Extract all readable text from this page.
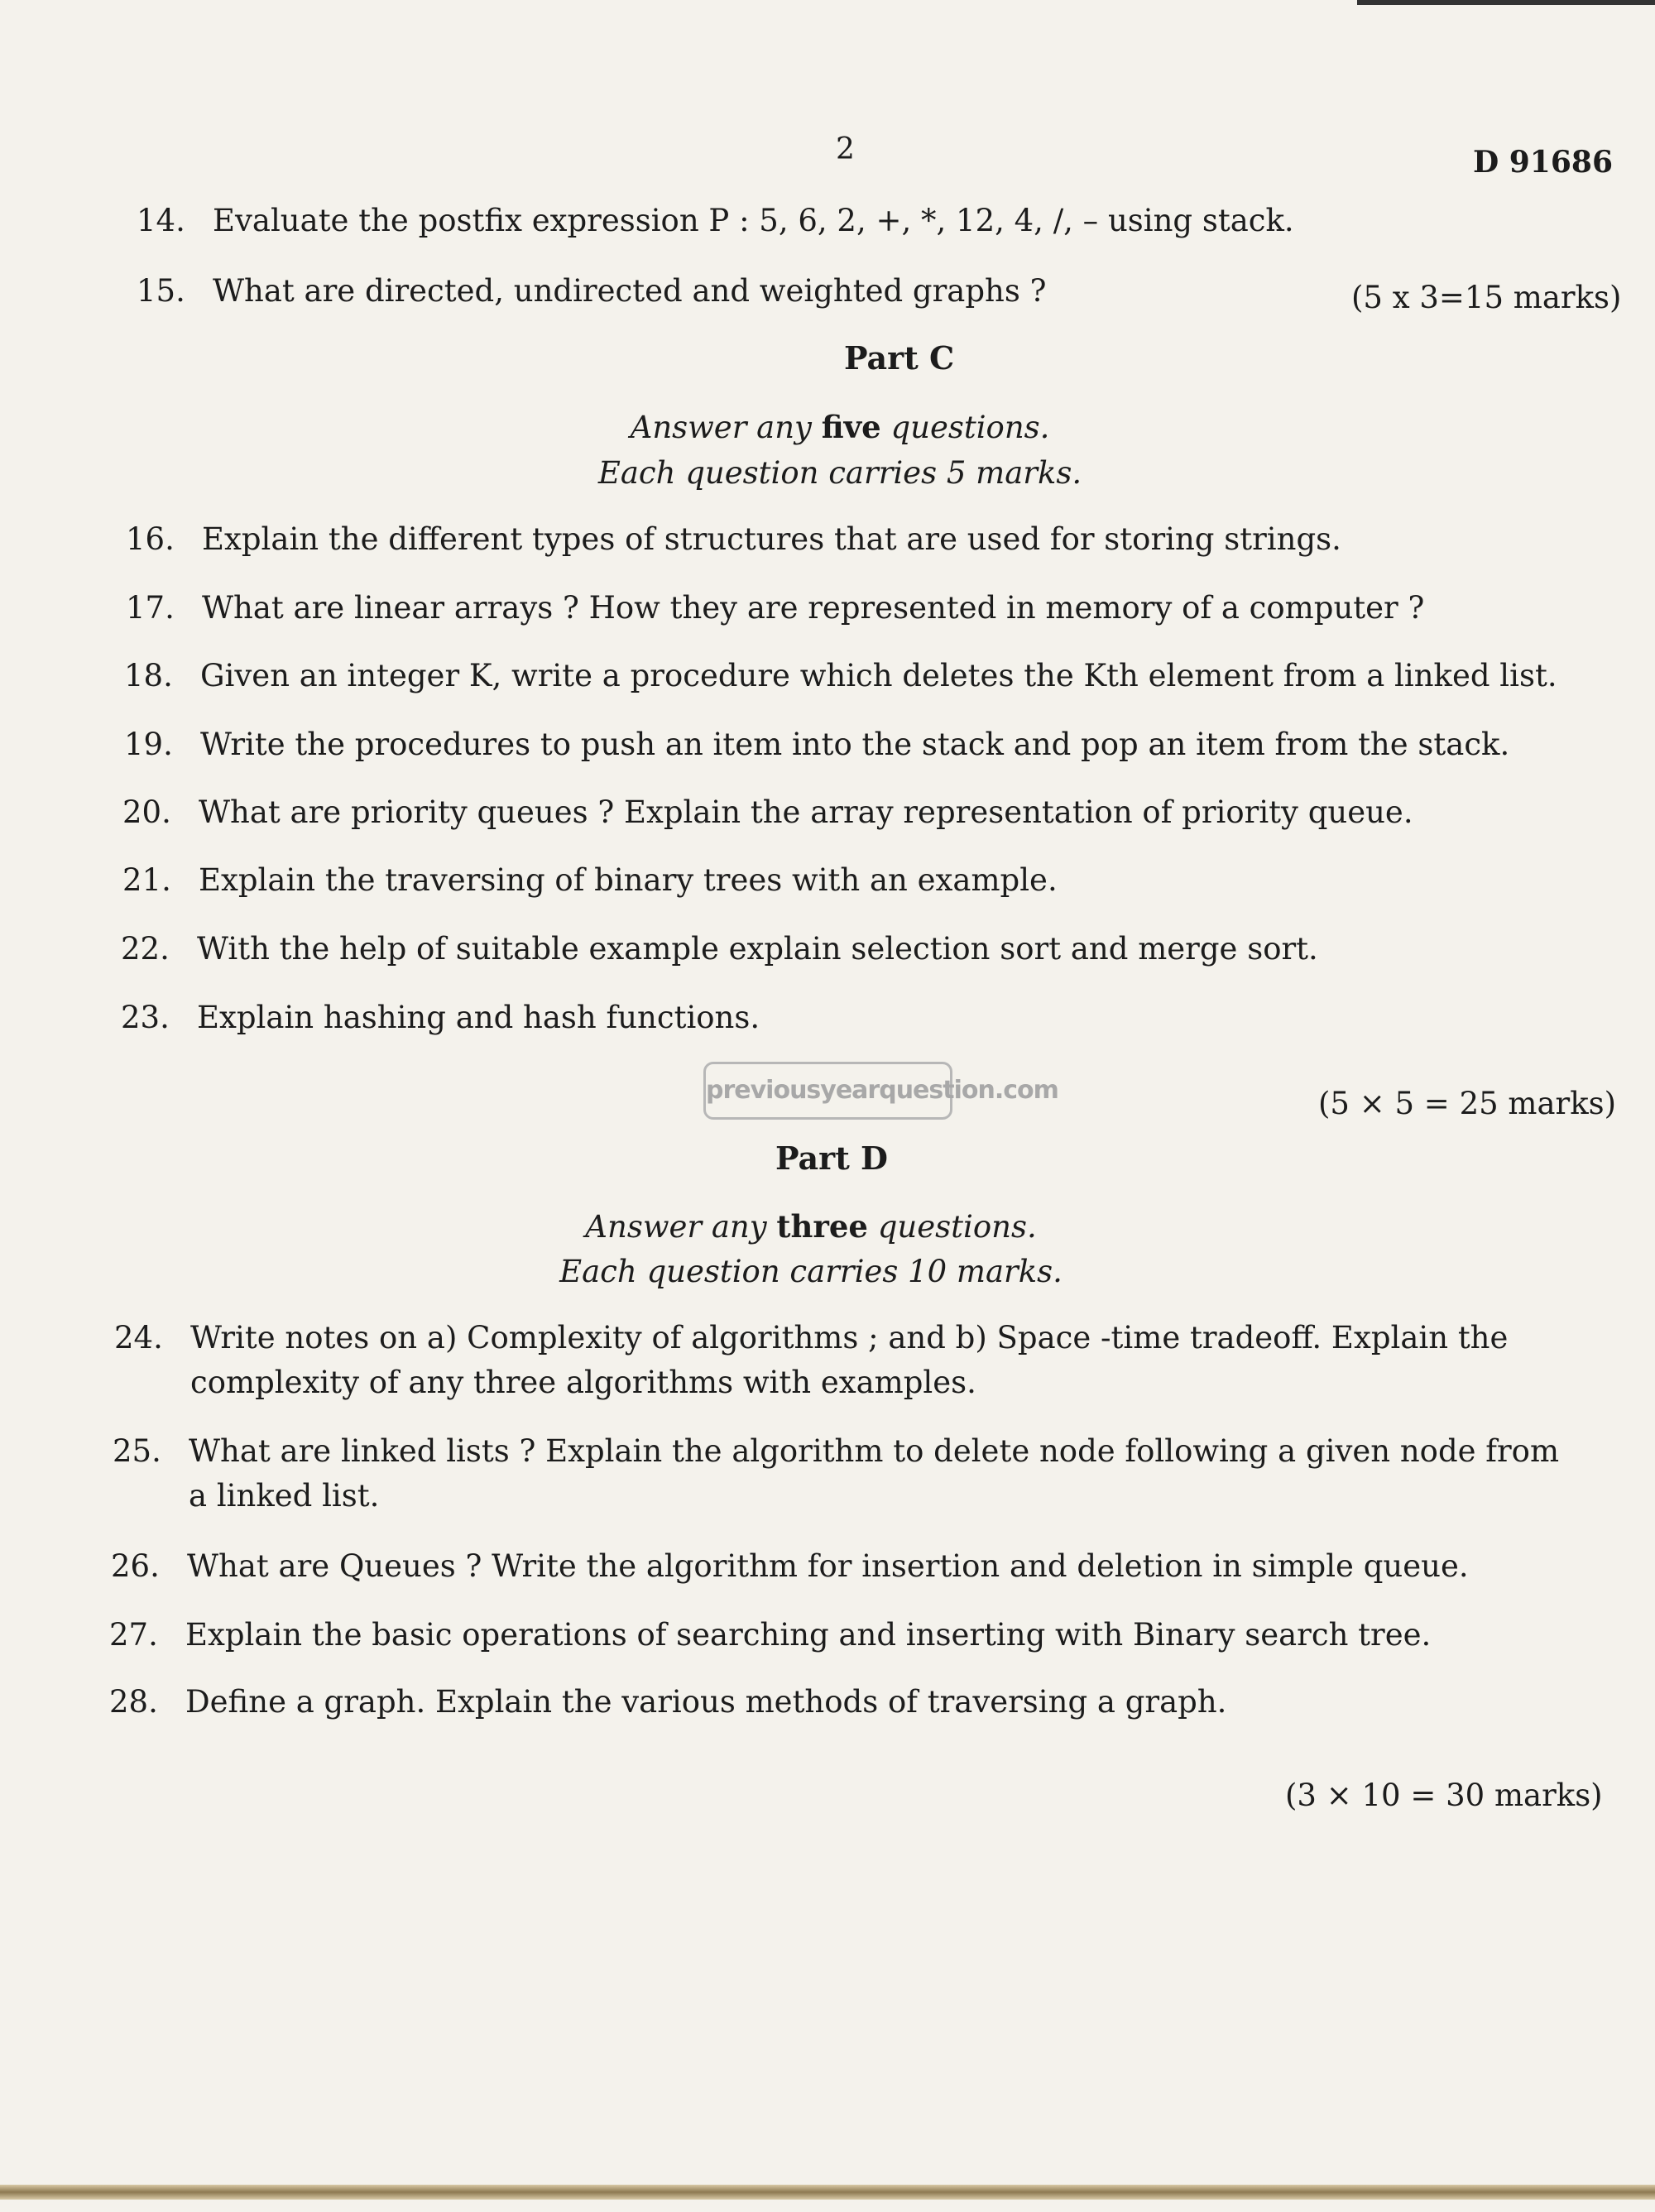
2	D 91686
14. Evaluate the postfix expression P : 5, 6, 2, +, *, 12, 4, /, – using stack.
15. What are directed, undirected and weighted graphs ?	(5 x 3=15 marks)
Part C
Answer any five questions.
Each question carries 5 marks.
16. Explain the different types of structures that are used for storing strings.
17. What are linear arrays ? How they are represented in memory of a computer ?
18. Given an integer K, write a procedure which deletes the Kth element from a linked list.
19. Write the procedures to push an item into the stack and pop an item from the stack.
20. What are priority queues ? Explain the array representation of priority queue.
21. Explain the traversing of binary trees with an example.
22. With the help of suitable example explain selection sort and merge sort.
23. Explain hashing and hash functions.
previousyearquestion.com	(5 × 5 = 25 marks)
Part D
Answer any three questions.
Each question carries 10 marks.
24. Write notes on a) Complexity of algorithms ; and b) Space -time tradeoff. Explain the complexity of any three algorithms with examples.
25. What are linked lists ? Explain the algorithm to delete node following a given node from a linked list.
26. What are Queues ? Write the algorithm for insertion and deletion in simple queue.
27. Explain the basic operations of searching and inserting with Binary search tree.
28. Define a graph. Explain the various methods of traversing a graph.
(3 × 10 = 30 marks)
